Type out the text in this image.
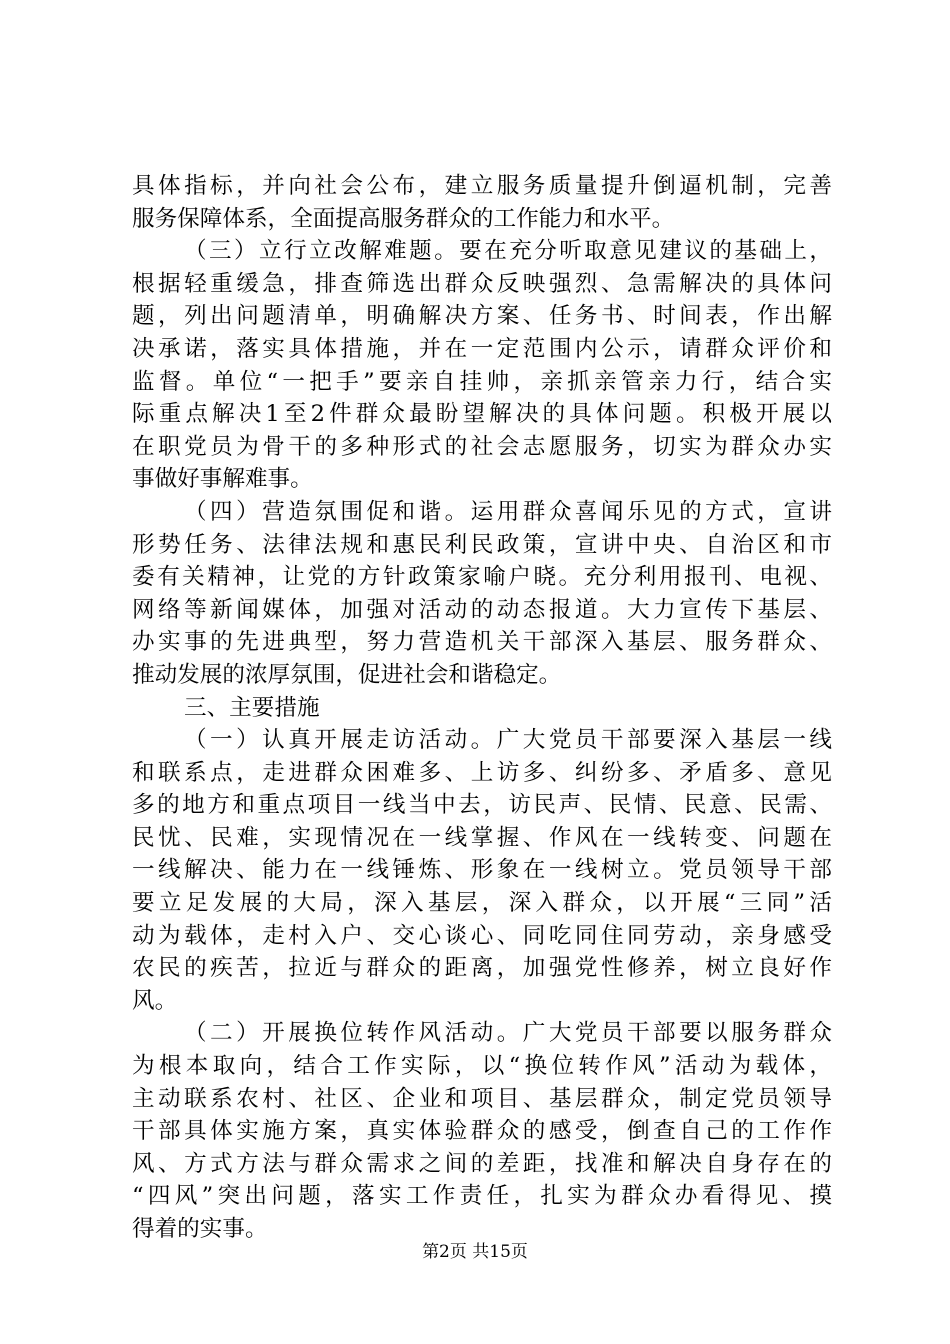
具体指标，并向社会公布，建立服务质量提升倒逼机制，完善
服务保障体系，全面提高服务群众的工作能力和水平。
（三）立行立改解难题。要在充分听取意见建议的基础上，
根据轻重缓急，排查筛选出群众反映强烈、急需解决的具体问
题，列出问题清单，明确解决方案、任务书、时间表，作出解
决承诺，落实具体措施，并在一定范围内公示，请群众评价和
监督。单位“一把手”要亲自挂帅，亲抓亲管亲力行，结合实
际重点解决1至2件群众最盼望解决的具体问题。积极开展以
在职党员为骨干的多种形式的社会志愿服务，切实为群众办实
事做好事解难事。
（四）营造氛围促和谐。运用群众喜闻乐见的方式，宣讲
形势任务、法律法规和惠民利民政策，宣讲中央、自治区和市
委有关精神，让党的方针政策家喻户晓。充分利用报刊、电视、
网络等新闻媒体，加强对活动的动态报道。大力宣传下基层、
办实事的先进典型，努力营造机关干部深入基层、服务群众、
推动发展的浓厚氛围，促进社会和谐稳定。
三、主要措施
（一）认真开展走访活动。广大党员干部要深入基层一线
和联系点，走进群众困难多、上访多、纠纷多、矛盾多、意见
多的地方和重点项目一线当中去，访民声、民情、民意、民需、
民忧、民难，实现情况在一线掌握、作风在一线转变、问题在
一线解决、能力在一线锤炼、形象在一线树立。党员领导干部
要立足发展的大局，深入基层，深入群众，以开展“三同”活
动为载体，走村入户、交心谈心、同吃同住同劳动，亲身感受
农民的疾苦，拉近与群众的距离，加强党性修养，树立良好作
风。
（二）开展换位转作风活动。广大党员干部要以服务群众
为根本取向，结合工作实际，以“换位转作风”活动为载体，
主动联系农村、社区、企业和项目、基层群众，制定党员领导
干部具体实施方案，真实体验群众的感受，倒查自己的工作作
风、方式方法与群众需求之间的差距，找准和解决自身存在的
“四风”突出问题，落实工作责任，扎实为群众办看得见、摸
得着的实事。
第2页 共15页
